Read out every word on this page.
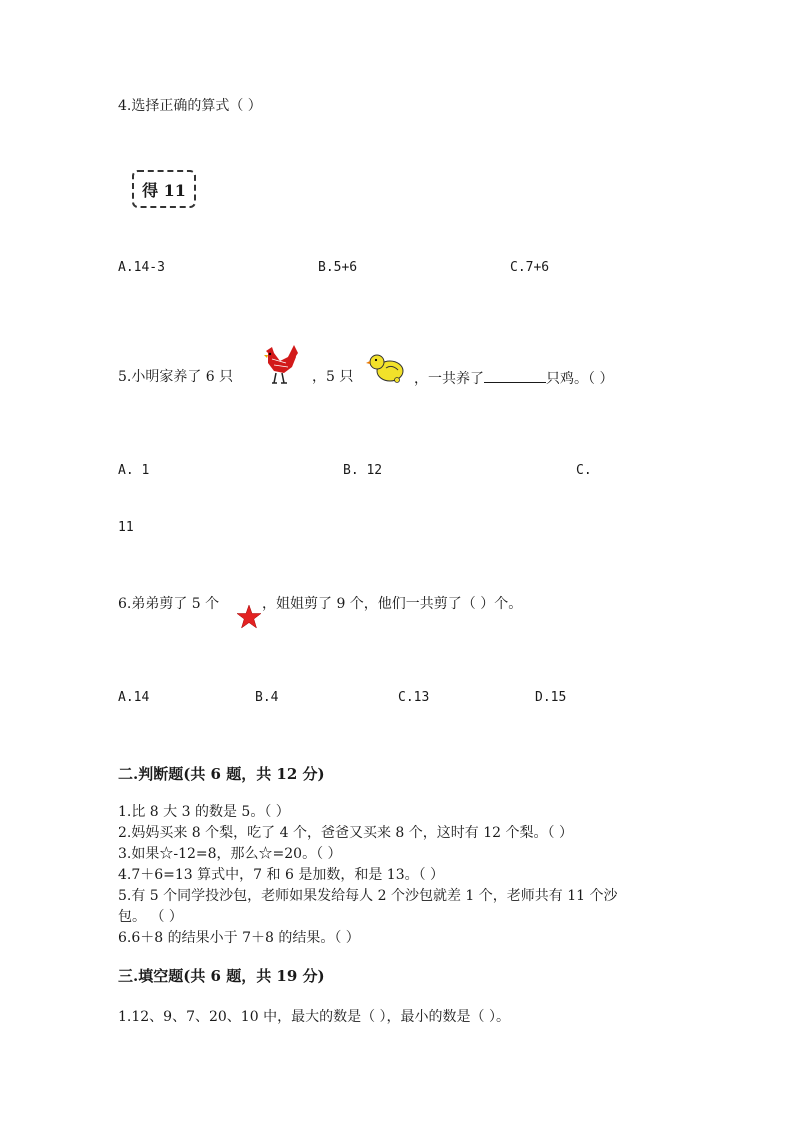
4.选择正确的算式（ ）
得 11
A.14-3	B.5+6	C.7+6
5.小明家养了 6 只	，5 只	，一共养了	只鸡。（ ）
A. 1	B. 12	C.
11
6.弟弟剪了 5 个	，姐姐剪了 9 个，他们一共剪了（ ）个。
A.14	B.4	C.13	D.15
二.判断题(共 6 题，共 12 分)
1.比 8 大 3 的数是 5。（ ）
2.妈妈买来 8 个梨，吃了 4 个，爸爸又买来 8 个，这时有 12 个梨。（ ）
3.如果☆-12=8，那么☆=20。（ ）
4.7＋6=13 算式中，7 和 6 是加数，和是 13。（ ）
5.有 5 个同学投沙包，老师如果发给每人 2 个沙包就差 1 个，老师共有 11 个沙
包。 （ ）
6.6＋8 的结果小于 7＋8 的结果。（ ）
三.填空题(共 6 题，共 19 分)
1.12、9、7、20、10 中，最大的数是（ ），最小的数是（ ）。
